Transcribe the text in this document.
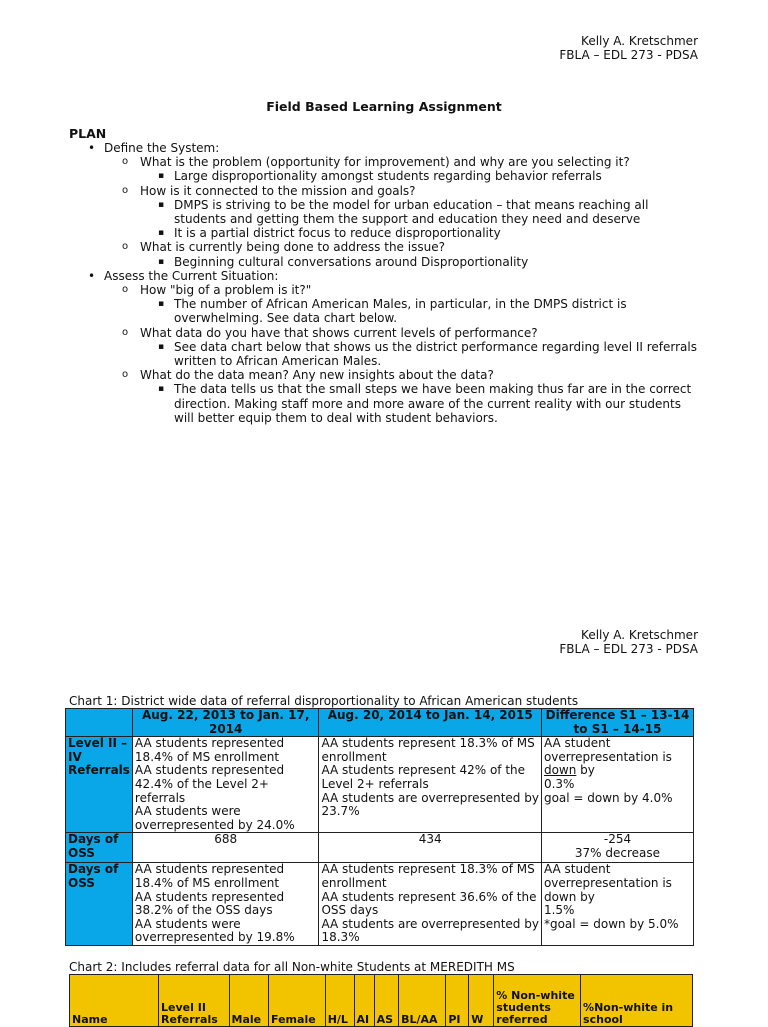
Kelly A. Kretschmer
FBLA – EDL 273 - PDSA
Field Based Learning Assignment
PLAN
• Define the System:
o What is the problem (opportunity for improvement) and why are you selecting it?
▪ Large disproportionality amongst students regarding behavior referrals
o How is it connected to the mission and goals?
▪ DMPS is striving to be the model for urban education – that means reaching all students and getting them the support and education they need and deserve
▪ It is a partial district focus to reduce disproportionality
o What is currently being done to address the issue?
▪ Beginning cultural conversations around Disproportionality
• Assess the Current Situation:
o How "big of a problem is it?"
▪ The number of African American Males, in particular, in the DMPS district is overwhelming. See data chart below.
o What data do you have that shows current levels of performance?
▪ See data chart below that shows us the district performance regarding level II referrals written to African American Males.
o What do the data mean? Any new insights about the data?
▪ The data tells us that the small steps we have been making thus far are in the correct direction. Making staff more and more aware of the current reality with our students will better equip them to deal with student behaviors.
Kelly A. Kretschmer
FBLA – EDL 273 - PDSA
Chart 1: District wide data of referral disproportionality to African American students
	Aug. 22, 2013 to Jan. 17, 2014	Aug. 20, 2014 to Jan. 14, 2015	Difference S1 – 13-14 to S1 – 14-15
Level II – IV Referrals	AA students represented 18.4% of MS enrollment
AA students represented 42.4% of the Level 2+ referrals
AA students were overrepresented by 24.0%	AA students represent 18.3% of MS enrollment
AA students represent 42% of the Level 2+ referrals
AA students are overrepresented by 23.7%	AA student overrepresentation is down by
0.3%
goal = down by 4.0%
Days of OSS	688	434	-254
37% decrease
Days of OSS	AA students represented 18.4% of MS enrollment
AA students represented 38.2% of the OSS days
AA students were overrepresented by 19.8%	AA students represent 18.3% of MS enrollment
AA students represent 36.6% of the OSS days
AA students are overrepresented by 18.3%	AA student overrepresentation is down by
1.5%
*goal = down by 5.0%
Chart 2: Includes referral data for all Non-white Students at MEREDITH MS
Name	Level II Referrals	Male	Female	H/L	AI	AS	BL/AA	PI	W	% Non-white students referred	%Non-white in school
